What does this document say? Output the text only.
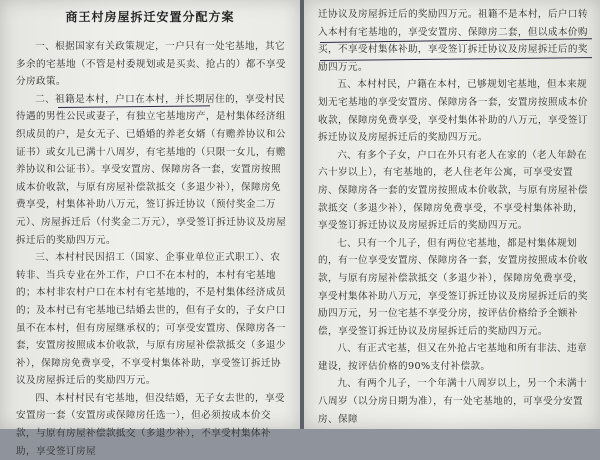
商王村房屋拆迁安置分配方案

一、根据国家有关政策规定，一户只有一处宅基地，其它多余的宅基地（不管是村委规划或是买卖、抢占的）都不享受分房政策。

二、祖籍是本村，户口在本村，并长期居住的，享受村民待遇的男性公民或妻子，有独立宅基地房产，是村集体经济组织成员的户，是女无子、已婚婚的养老女婿（有赡养协议和公证书）或女儿已满十八周岁，有宅基地的（只限一女儿，有赡养协议和公证书）。享受安置房、保障房各一套，安置房按照成本价收款，与原有房屋补偿款抵交（多退少补），保障房免费享受，村集体补助八万元，签订拆迁协议（预付奖金二万元）、房屋拆迁后（付奖金二万元），享受签订拆迁协议及房屋拆迁后的奖励四万元。

三、本村村民因招工（国家、企事业单位正式职工）、农转非、当兵专业在外工作，户口不在本村的，本村有宅基地的；本村非农村户口在本村有宅基地的，不是村集体经济成员的；及本村已有宅基地已结婚去世的，但有子女的，子女户口虽不在本村，但有房屋继承权的；可享受安置房、保障房各一套，安置房按照成本价收款，与原有房屋补偿款抵交（多退少补），保障房免费享受，不享受村集体补助，享受签订拆迁协议及房屋拆迁后的奖励四万元。

四、本村村民有宅基地，但没结婚，无子女去世的，享受安置房一套（安置房或保障房任选一），但必须按成本价交款，与原有房屋补偿款抵交（多退少补），不享受村集体补助，享受签订房屋

迁协议及房屋拆迁后的奖励四万元。祖籍不是本村，后户口转入本村有宅基地的，享受安置房、保障房二套，但以成本价购买，不享受村集体补助，享受签订拆迁协议及房屋拆迁后的奖励四万元。

五、本村村民，户籍在本村，已够规划宅基地，但本来规划无宅基地的享受安置房、保障房各一套，安置房按照成本价收款，保障房免费享受，享受村集体补助的八万元，享受签订拆迁协议及房屋拆迁后的奖励四万元。

六、有多个子女，户口在外只有老人在家的（老人年龄在六十岁以上），有宅基地的，老人住老年公寓，可享受安置房、保障房各一套的安置房按照成本价收款，与原有房屋补偿款抵交（多退少补），保障房免费享受，不享受村集体补助，享受签订拆迁协议及房屋拆迁后的奖励四万元。

七、只有一个儿子，但有两位宅基地，都是村集体规划的，有一位享受安置房、保障房各一套，安置房按照成本价收款，与原有房屋补偿款抵交（多退少补），保障房免费享受，享受村集体补助八万元，享受签订拆迁协议及房屋拆迁后的奖励四万元，另一位宅基不享受分房，按评估价格给予全额补偿，享受签订拆迁协议及房屋拆迁后的奖励四万元。

八、有正式宅基，但又在外抢占宅基地和所有非法、违章建设，按评估价格的90%支付补偿款。

九、有两个儿子，一个年满十八周岁以上，另一个未满十八周岁（以分房日期为准），有一处宅基地的，可享受分安置房、保障
